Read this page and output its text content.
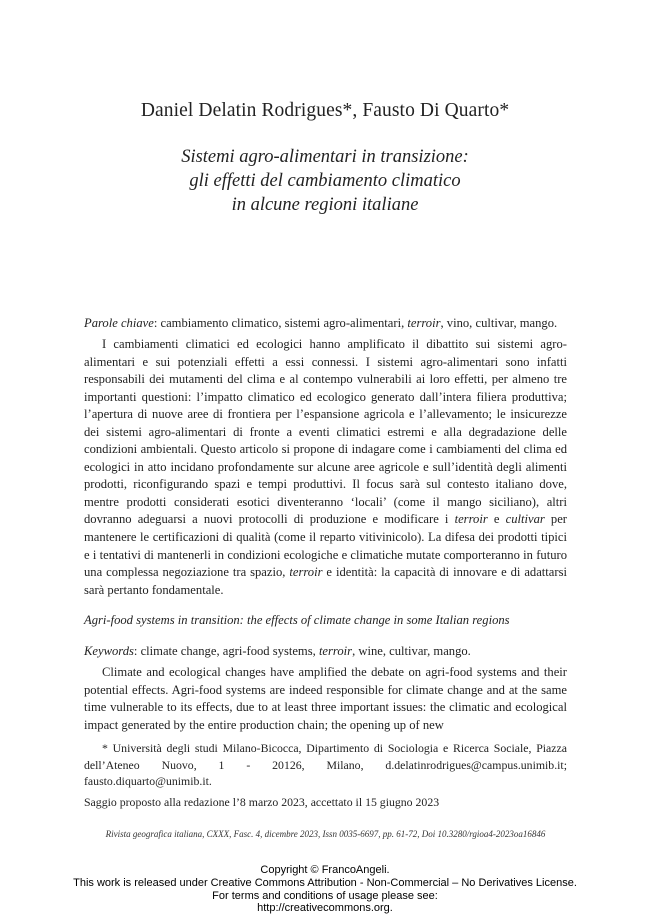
Daniel Delatin Rodrigues*, Fausto Di Quarto*
Sistemi agro-alimentari in transizione:
gli effetti del cambiamento climatico
in alcune regioni italiane
Parole chiave: cambiamento climatico, sistemi agro-alimentari, terroir, vino, cultivar, mango.

I cambiamenti climatici ed ecologici hanno amplificato il dibattito sui sistemi agro-alimentari e sui potenziali effetti a essi connessi. I sistemi agro-alimentari sono infatti responsabili dei mutamenti del clima e al contempo vulnerabili ai loro effetti, per almeno tre importanti questioni: l’impatto climatico ed ecologico generato dall’intera filiera produttiva; l’apertura di nuove aree di frontiera per l’espansione agricola e l’allevamento; le insicurezze dei sistemi agro-alimentari di fronte a eventi climatici estremi e alla degradazione delle condizioni ambientali. Questo articolo si propone di indagare come i cambiamenti del clima ed ecologici in atto incidano profondamente sur alcune aree agricole e sull’identità degli alimenti prodotti, riconfigurando spazi e tempi produttivi. Il focus sarà sul contesto italiano dove, mentre prodotti considerati esotici diventeranno ‘locali’ (come il mango siciliano), altri dovranno adeguarsi a nuovi protocolli di produzione e modificare i terroir e cultivar per mantenere le certificazioni di qualità (come il reparto vitivinicolo). La difesa dei prodotti tipici e i tentativi di mantenerli in condizioni ecologiche e climatiche mutate comporteranno in futuro una complessa negoziazione tra spazio, terroir e identità: la capacità di innovare e di adattarsi sarà pertanto fondamentale.

Agri-food systems in transition: the effects of climate change in some Italian regions
Keywords: climate change, agri-food systems, terroir, wine, cultivar, mango.

Climate and ecological changes have amplified the debate on agri-food systems and their potential effects. Agri-food systems are indeed responsible for climate change and at the same time vulnerable to its effects, due to at least three important issues: the climatic and ecological impact generated by the entire production chain; the opening up of new

* Università degli studi Milano-Bicocca, Dipartimento di Sociologia e Ricerca Sociale, Piazza dell’Ateneo Nuovo, 1 - 20126, Milano, d.delatinrodrigues@campus.unimib.it; fausto.diquarto@unimib.it.

Saggio proposto alla redazione l’8 marzo 2023, accettato il 15 giugno 2023

Rivista geografica italiana, CXXX, Fasc. 4, dicembre 2023, Issn 0035-6697, pp. 61-72, Doi 10.3280/rgioa4-2023oa16846
Copyright © FrancoAngeli.
This work is released under Creative Commons Attribution - Non-Commercial – No Derivatives License.
For terms and conditions of usage please see:
http://creativecommons.org.
